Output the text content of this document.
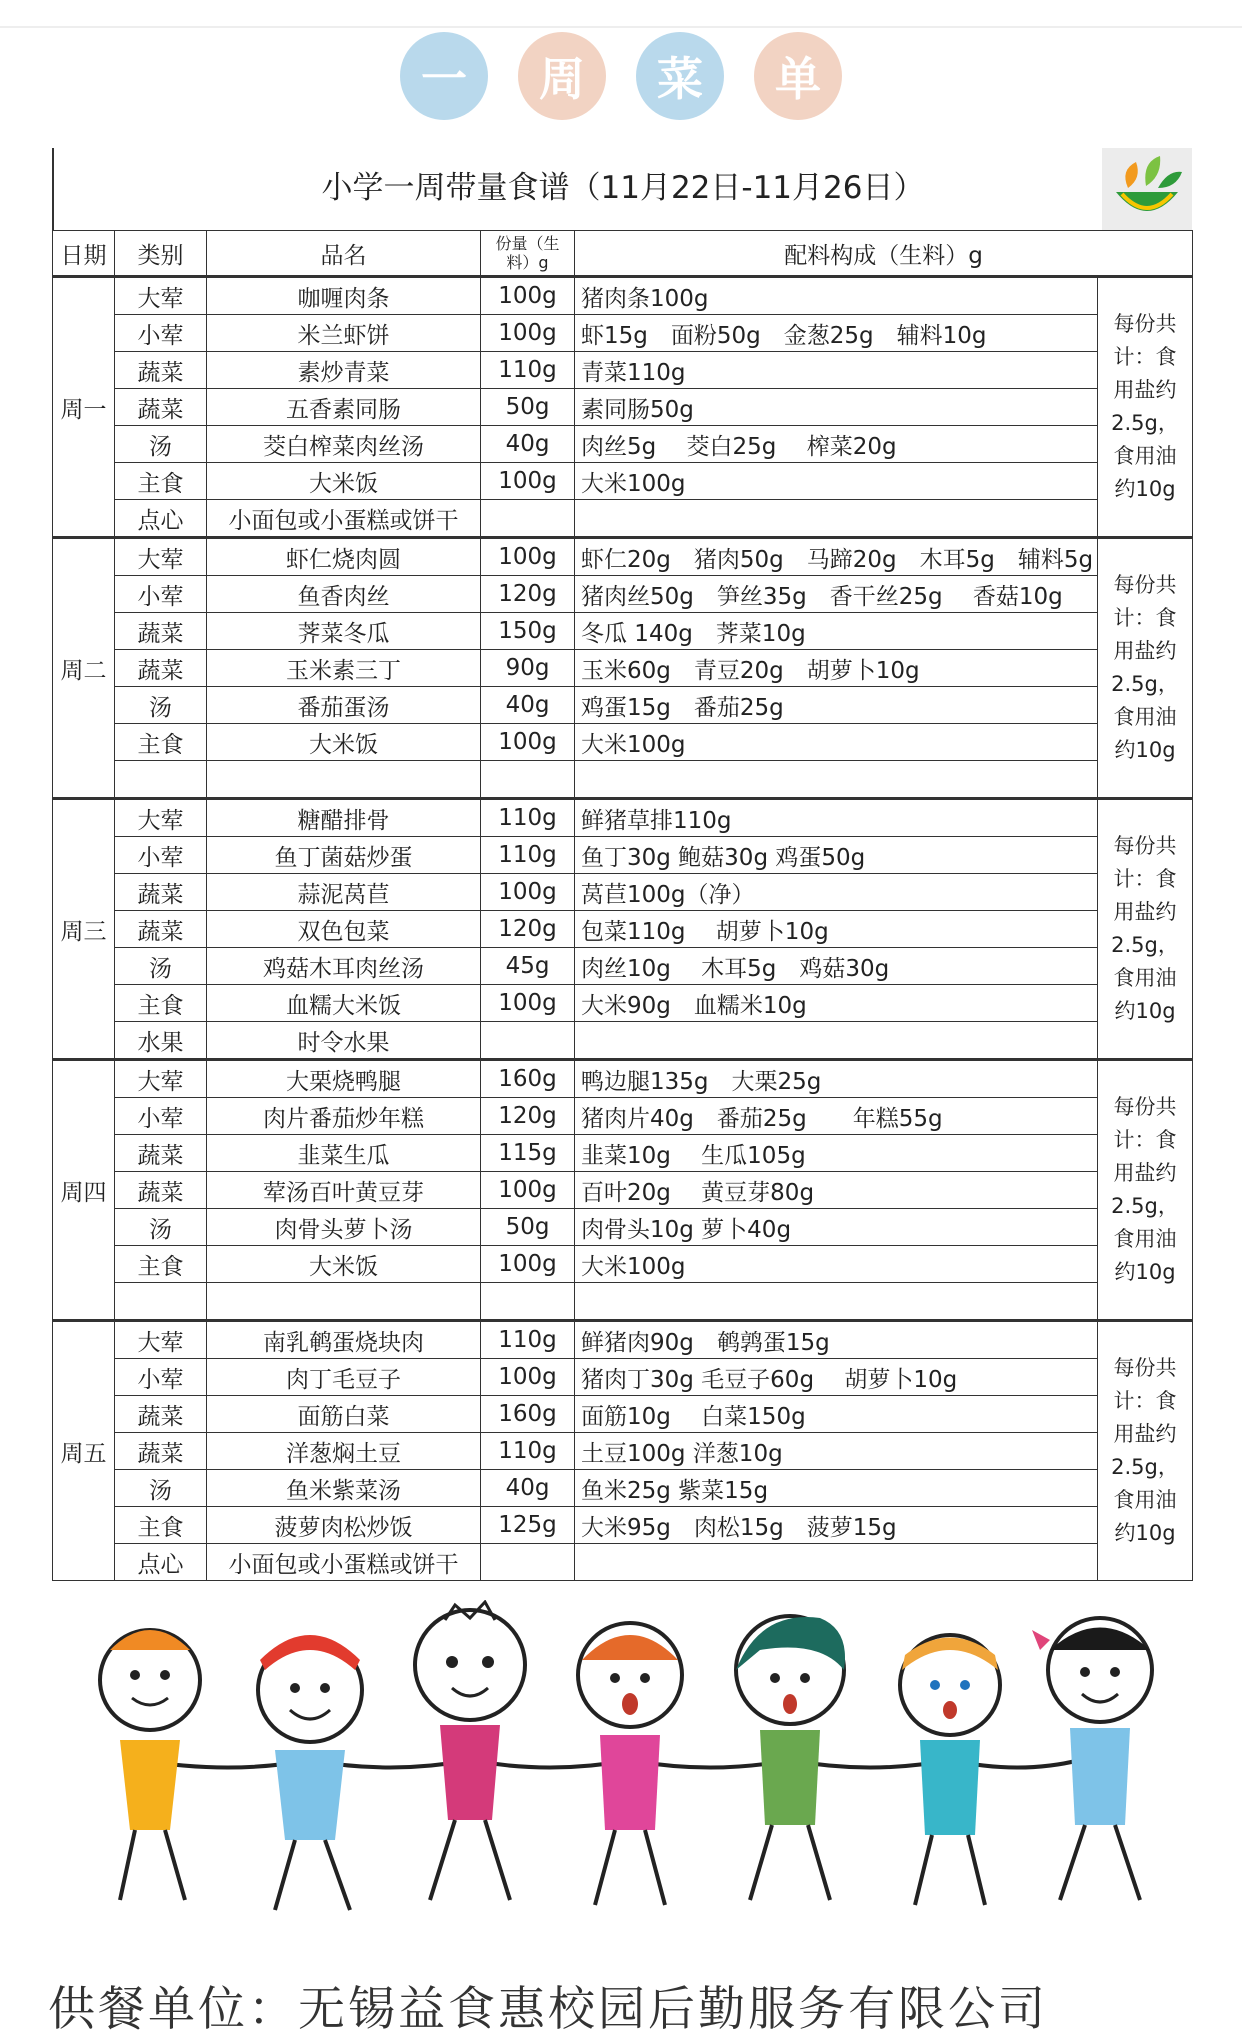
一	周	菜	单
小学一周带量食谱（11月22日-11月26日）
日期	类别	品名	份量（生料）g	配料构成（生料）g	
周一	大荤	咖喱肉条	100g	猪肉条100g	每份共计：食用盐约2.5g，食用油约10g
	小荤	米兰虾饼	100g	虾15g　面粉50g　金葱25g　辅料10g	
	蔬菜	素炒青菜	110g	青菜110g	
	蔬菜	五香素同肠	50g	素同肠50g	
	汤	茭白榨菜肉丝汤	40g	肉丝5g　 茭白25g　 榨菜20g	
	主食	大米饭	100g	大米100g	
	点心	小面包或小蛋糕或饼干			
周二	大荤	虾仁烧肉圆	100g	虾仁20g　猪肉50g　马蹄20g　木耳5g　辅料5g	每份共计：食用盐约2.5g，食用油约10g
	小荤	鱼香肉丝	120g	猪肉丝50g　笋丝35g　香干丝25g　 香菇10g	
	蔬菜	荠菜冬瓜	150g	冬瓜 140g　荠菜10g	
	蔬菜	玉米素三丁	90g	玉米60g　青豆20g　胡萝卜10g	
	汤	番茄蛋汤	40g	鸡蛋15g　番茄25g	
	主食	大米饭	100g	大米100g	

周三	大荤	糖醋排骨	110g	鲜猪草排110g	每份共计：食用盐约2.5g，食用油约10g
	小荤	鱼丁菌菇炒蛋	110g	鱼丁30g 鲍菇30g 鸡蛋50g	
	蔬菜	蒜泥莴苣	100g	莴苣100g（净）	
	蔬菜	双色包菜	120g	包菜110g　 胡萝卜10g	
	汤	鸡菇木耳肉丝汤	45g	肉丝10g　 木耳5g　鸡菇30g	
	主食	血糯大米饭	100g	大米90g　血糯米10g	
	水果	时令水果			
周四	大荤	大栗烧鸭腿	160g	鸭边腿135g　大栗25g	每份共计：食用盐约2.5g，食用油约10g
	小荤	肉片番茄炒年糕	120g	猪肉片40g　番茄25g　　年糕55g	
	蔬菜	韭菜生瓜	115g	韭菜10g　 生瓜105g	
	蔬菜	荤汤百叶黄豆芽	100g	百叶20g　 黄豆芽80g	
	汤	肉骨头萝卜汤	50g	肉骨头10g 萝卜40g	
	主食	大米饭	100g	大米100g	

周五	大荤	南乳鹌蛋烧块肉	110g	鲜猪肉90g　鹌鹑蛋15g	每份共计：食用盐约2.5g，食用油约10g
	小荤	肉丁毛豆子	100g	猪肉丁30g 毛豆子60g　 胡萝卜10g	
	蔬菜	面筋白菜	160g	面筋10g　 白菜150g	
	蔬菜	洋葱焖土豆	110g	土豆100g 洋葱10g	
	汤	鱼米紫菜汤	40g	鱼米25g 紫菜15g	
	主食	菠萝肉松炒饭	125g	大米95g　肉松15g　菠萝15g	
	点心	小面包或小蛋糕或饼干			
供餐单位：无锡益食惠校园后勤服务有限公司
